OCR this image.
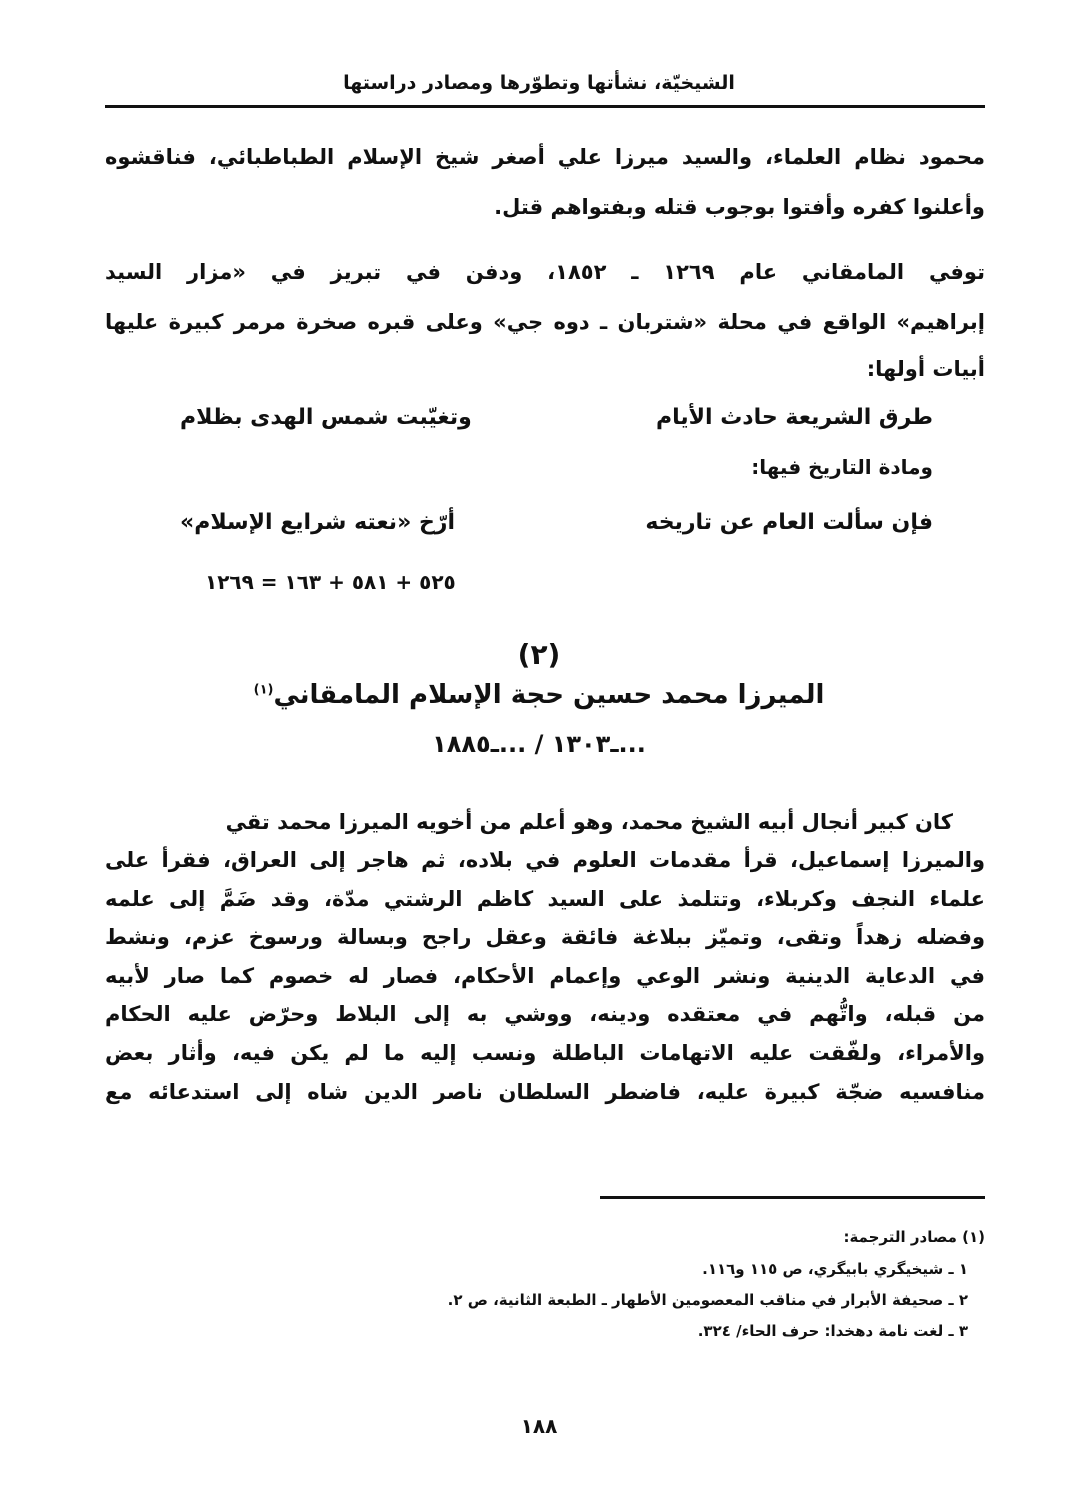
الشيخيّة، نشأتها وتطوّرها ومصادر دراستها
محمود نظام العلماء، والسيد ميرزا علي أصغر شيخ الإسلام الطباطبائي، فناقشوه
وأعلنوا كفره وأفتوا بوجوب قتله وبفتواهم قتل.
توفي المامقاني عام ١٢٦٩ ـ ١٨٥٢، ودفن في تبريز في «مزار السيد
إبراهيم» الواقع في محلة «شتربان ـ دوه جي» وعلى قبره صخرة مرمر كبيرة عليها
أبيات أولها:
طرق الشريعة حادث الأيام
وتغيّبت شمس الهدى بظلام
ومادة التاريخ فيها:
فإن سألت العام عن تاريخه
أرّخ «نعته شرايع الإسلام»
٥٢٥ + ٥٨١ + ١٦٣ = ١٢٦٩
(٢)
الميرزا محمد حسين حجة الإسلام المامقاني$^{(١)}$
...ـ١٣٠٣ / ...ـ١٨٨٥
كان كبير أنجال أبيه الشيخ محمد، وهو أعلم من أخويه الميرزا محمد تقي
والميرزا إسماعيل، قرأ مقدمات العلوم في بلاده، ثم هاجر إلى العراق، فقرأ على
علماء النجف وكربلاء، وتتلمذ على السيد كاظم الرشتي مدّة، وقد ضَمَّ إلى علمه
وفضله زهداً وتقى، وتميّز ببلاغة فائقة وعقل راجح وبسالة ورسوخ عزم، ونشط
في الدعاية الدينية ونشر الوعي وإعمام الأحكام، فصار له خصوم كما صار لأبيه
من قبله، واتُّهم في معتقده ودينه، ووشي به إلى البلاط وحرّض عليه الحكام
والأمراء، ولفّقت عليه الاتهامات الباطلة ونسب إليه ما لم يكن فيه، وأثار بعض
منافسيه ضجّة كبيرة عليه، فاضطر السلطان ناصر الدين شاه إلى استدعائه مع
(١) مصادر الترجمة:
١ ـ شيخيگري بابيگري، ص ١١٥ و١١٦.
٢ ـ صحيفة الأبرار في مناقب المعصومين الأطهار ـ الطبعة الثانية، ص ٢.
٣ ـ لغت نامة دهخدا: حرف الحاء/ ٣٢٤.
١٨٨
